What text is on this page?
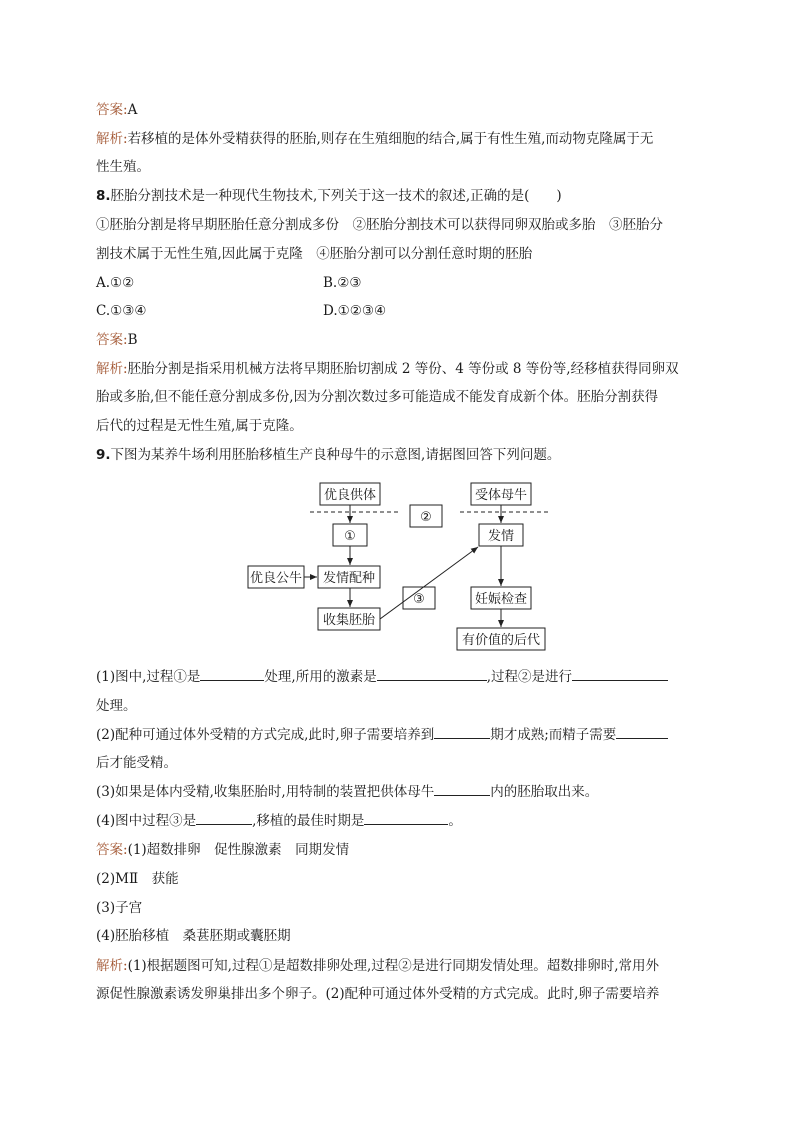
答案:A
解析:若移植的是体外受精获得的胚胎,则存在生殖细胞的结合,属于有性生殖,而动物克隆属于无
性生殖。
8.胚胎分割技术是一种现代生物技术,下列关于这一技术的叙述,正确的是(　　)
①胚胎分割是将早期胚胎任意分割成多份　②胚胎分割技术可以获得同卵双胎或多胎　③胚胎分
割技术属于无性生殖,因此属于克隆　④胚胎分割可以分割任意时期的胚胎
A.①②	B.②③
C.①③④	D.①②③④
答案:B
解析:胚胎分割是指采用机械方法将早期胚胎切割成 2 等份、4 等份或 8 等份等,经移植获得同卵双
胎或多胎,但不能任意分割成多份,因为分割次数过多可能造成不能发育成新个体。胚胎分割获得
后代的过程是无性生殖,属于克隆。
9.下图为某养牛场利用胚胎移植生产良种母牛的示意图,请据图回答下列问题。
优良供体
①
②
受体母牛
发情
优良公牛 发情配种
收集胚胎
③	妊娠检查
有价值的后代
(1)图中,过程①是	处理,所用的激素是	,过程②是进行
处理。
(2)配种可通过体外受精的方式完成,此时,卵子需要培养到	期才成熟;而精子需要
后才能受精。
(3)如果是体内受精,收集胚胎时,用特制的装置把供体母牛	内的胚胎取出来。
(4)图中过程③是	,移植的最佳时期是	。
答案:(1)超数排卵　促性腺激素　同期发情
(2)MⅡ　获能
(3)子宫
(4)胚胎移植　桑葚胚期或囊胚期
解析:(1)根据题图可知,过程①是超数排卵处理,过程②是进行同期发情处理。超数排卵时,常用外
源促性腺激素诱发卵巢排出多个卵子。(2)配种可通过体外受精的方式完成。此时,卵子需要培养
